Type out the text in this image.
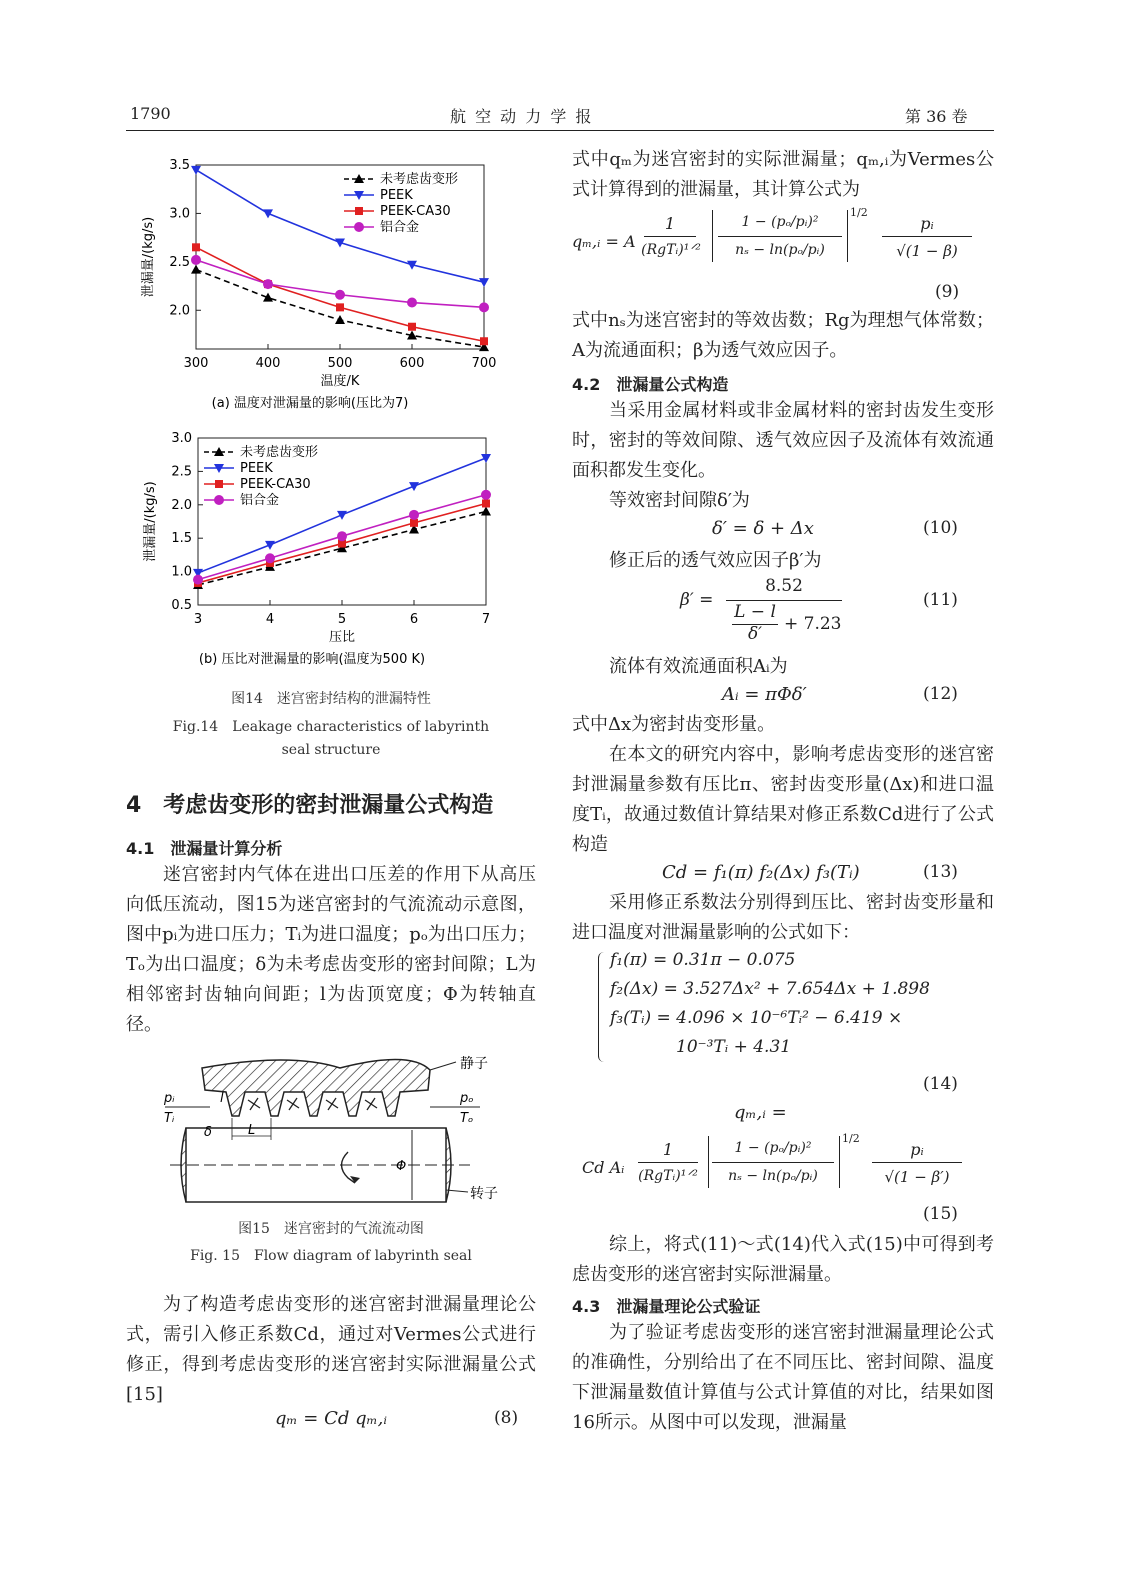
1790	航 空 动 力 学 报	第 36 卷
300	400	500	600	700
2.0
2.5
3.0
3.5
温度/K
泄漏量/(kg/s)
未考虑齿变形
PEEK
PEEK-CA30
铝合金
(a) 温度对泄漏量的影响(压比为7)
3	4	5	6	7
0.5
1.0
1.5
2.0
2.5
3.0
压比
泄漏量/(kg/s)
未考虑齿变形
PEEK
PEEK-CA30
铝合金
(b) 压比对泄漏量的影响(温度为500 K)
图14　迷宫密封结构的泄漏特性
Fig.14　Leakage characteristics of labyrinth
seal structure
4　考虑齿变形的密封泄漏量公式构造
4.1　泄漏量计算分析

迷宫密封内气体在进出口压差的作用下从高压向低压流动，图15为迷宫密封的气流流动示意图，图中pᵢ为进口压力；Tᵢ为进口温度；pₒ为出口压力；Tₒ为出口温度；δ为未考虑齿变形的密封间隙；L为相邻密封齿轴向间距；l为齿顶宽度；Φ为转轴直径。

pᵢ
Tᵢ
pₒ
Tₒ
l
L
δ
Φ
静子
转子
图15　迷宫密封的气流流动图
Fig. 15　Flow diagram of labyrinth seal

为了构造考虑齿变形的迷宫密封泄漏量理论公式，需引入修正系数Cd，通过对Vermes公式进行修正，得到考虑齿变形的迷宫密封实际泄漏量公式[15]

qₘ = Cd qₘ,ᵢ	(8)

式中qₘ为迷宫密封的实际泄漏量；qₘ,ᵢ为Vermes公式计算得到的泄漏量，其计算公式为

qₘ,ᵢ = A
1
(RgTᵢ)¹ᐟ²
1 − (pₒ/pᵢ)²
nₛ − ln(pₒ/pᵢ)
1/2
pᵢ
√(1 − β)
(9)

式中nₛ为迷宫密封的等效齿数；Rg为理想气体常数；A为流通面积；β为透气效应因子。

4.2　泄漏量公式构造

当采用金属材料或非金属材料的密封齿发生变形时，密封的等效间隙、透气效应因子及流体有效流通面积都发生变化。

等效密封间隙δ′为
δ′ = δ + Δx	(10)
修正后的透气效应因子β′为
β′ =
8.52
L − l
δ′	+ 7.23
(11)
流体有效流通面积Aᵢ为
Aᵢ = πΦδ′	(12)
式中Δx为密封齿变形量。

在本文的研究内容中，影响考虑齿变形的迷宫密封泄漏量参数有压比π、密封齿变形量(Δx)和进口温度Tᵢ，故通过数值计算结果对修正系数Cd进行了公式构造

Cd = f₁(π) f₂(Δx) f₃(Tᵢ)	(13)

采用修正系数法分别得到压比、密封齿变形量和进口温度对泄漏量影响的公式如下：

f₁(π) = 0.31π − 0.075
f₂(Δx) = 3.527Δx² + 7.654Δx + 1.898
f₃(Tᵢ) = 4.096 × 10⁻⁶Tᵢ² − 6.419 ×
10⁻³Tᵢ + 4.31
(14)
qₘ,ᵢ =
Cd Aᵢ
1
(RgTᵢ)¹ᐟ²
1 − (pₒ/pᵢ)²
nₛ − ln(pₒ/pᵢ)
1/2
pᵢ
√(1 − β′)
(15)

综上，将式(11)～式(14)代入式(15)中可得到考虑齿变形的迷宫密封实际泄漏量。

4.3　泄漏量理论公式验证

为了验证考虑齿变形的迷宫密封泄漏量理论公式的准确性，分别给出了在不同压比、密封间隙、温度下泄漏量数值计算值与公式计算值的对比，结果如图16所示。从图中可以发现，泄漏量
